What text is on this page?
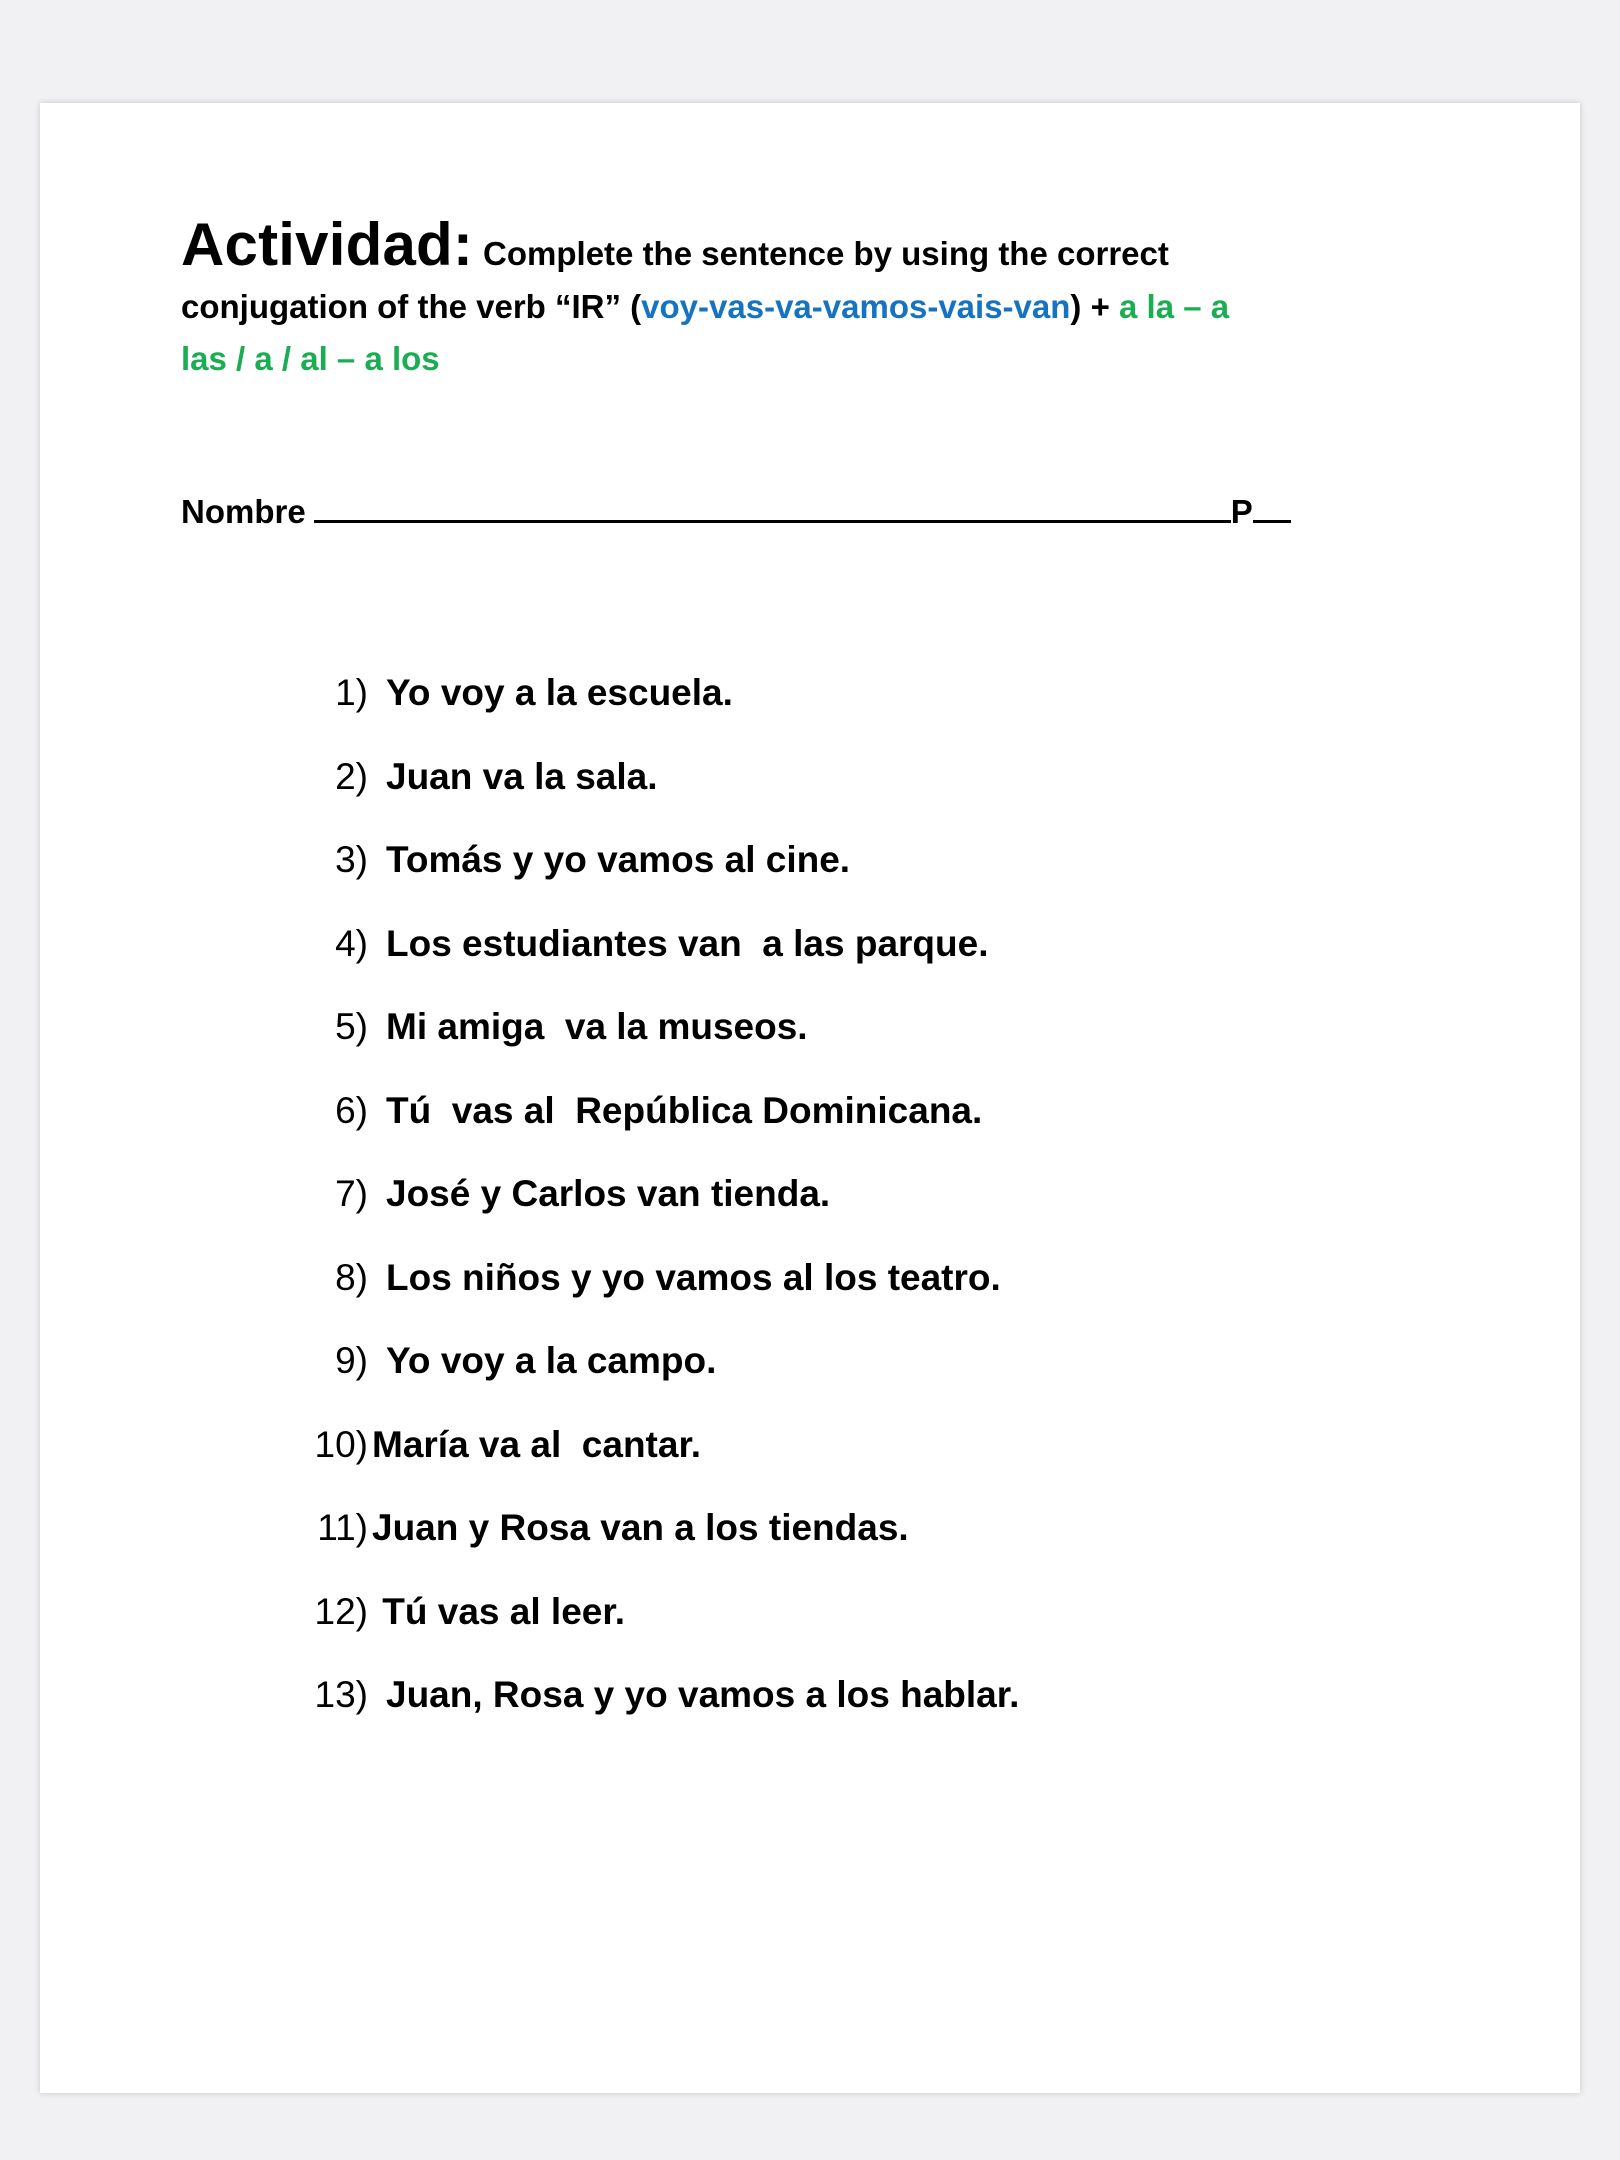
Actividad: Complete the sentence by using the correct
conjugation of the verb “IR” (voy-vas-va-vamos-vais-van) + a la – a
las / a / al – a los
Nombre	P
1) Yo voy a la escuela.
2) Juan va la sala.
3) Tomás y yo vamos al cine.
4) Los estudiantes van  a las parque.
5) Mi amiga  va la museos.
6) Tú  vas al  República Dominicana.
7) José y Carlos van tienda.
8) Los niños y yo vamos al los teatro.
9) Yo voy a la campo.
10) María va al  cantar.
11) Juan y Rosa van a los tiendas.
12) Tú vas al leer.
13) Juan, Rosa y yo vamos a los hablar.
